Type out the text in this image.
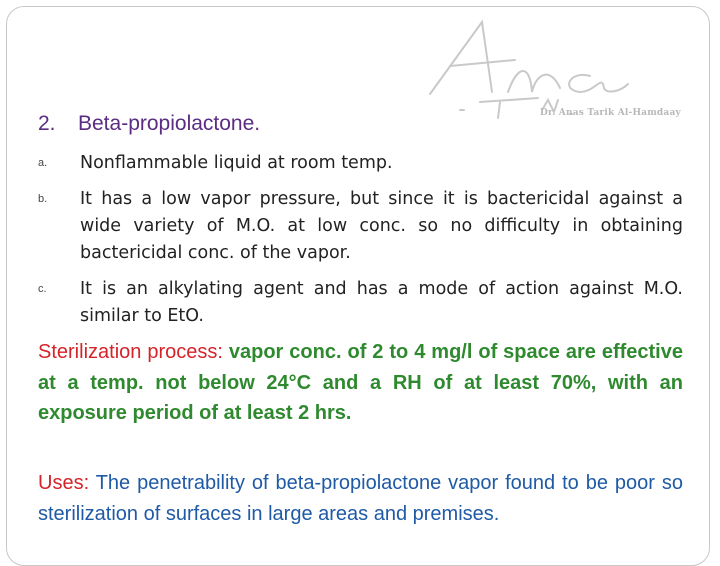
Dr. Anas Tarik Al-Hamdaay
2. Beta-propiolactone.
a.	Nonflammable liquid at room temp.
b.	It has a low vapor pressure, but since it is bactericidal against a wide variety of M.O. at low conc. so no difficulty in obtaining bactericidal conc. of the vapor.
c.	It is an alkylating agent and has a mode of action against M.O. similar to EtO.
Sterilization process: vapor conc. of 2 to 4 mg/l of space are effective at a temp. not below 24°C and a RH of at least 70%, with an exposure period of at least 2 hrs.
Uses: The penetrability of beta-propiolactone vapor found to be poor so sterilization of surfaces in large areas and premises.
